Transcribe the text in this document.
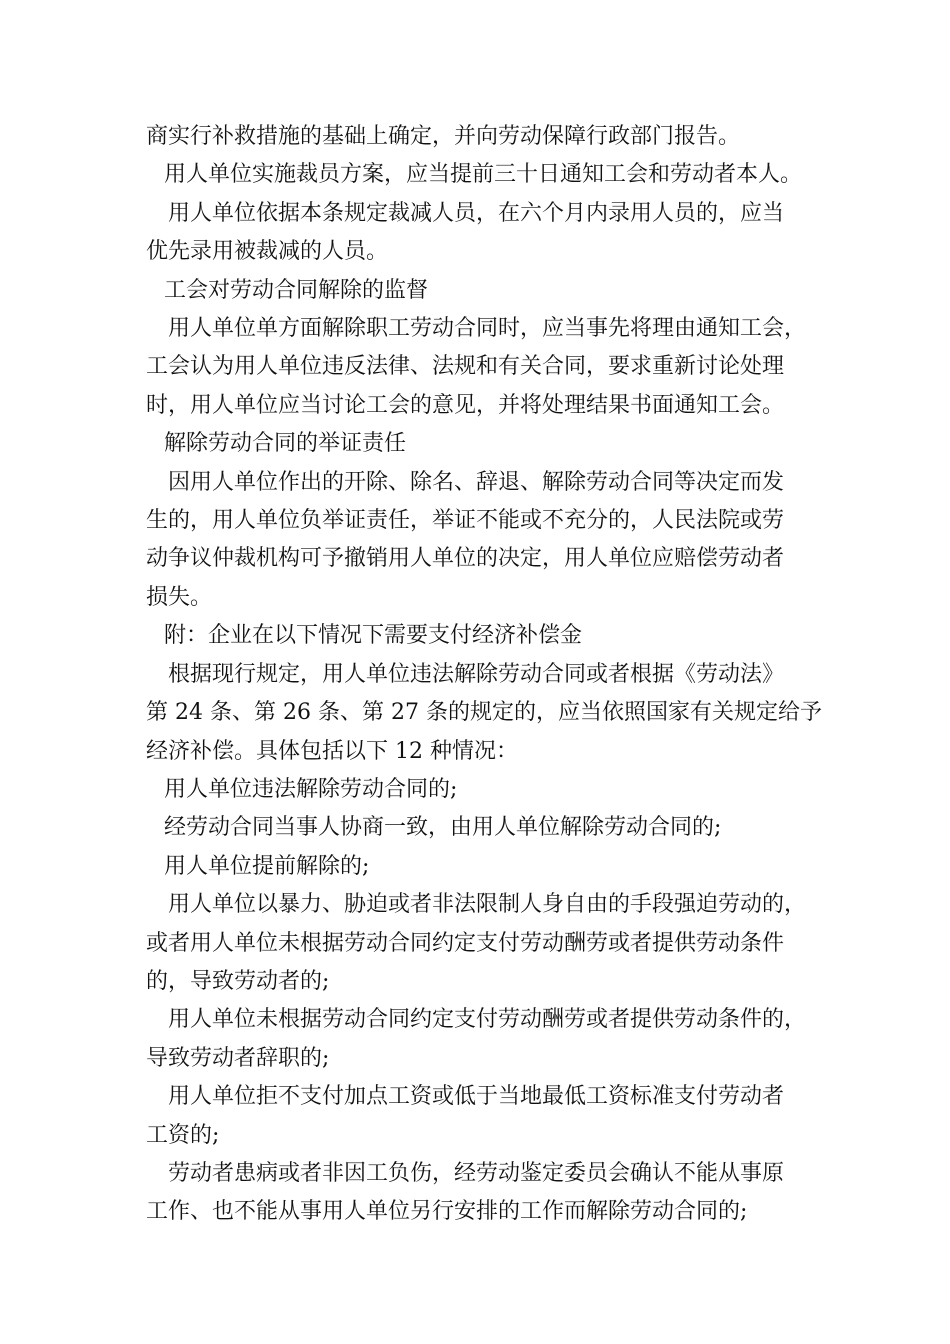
商实行补救措施的基础上确定，并向劳动保障行政部门报告。

用人单位实施裁员方案，应当提前三十日通知工会和劳动者本人。

用人单位依据本条规定裁减人员，在六个月内录用人员的，应当
优先录用被裁减的人员。

工会对劳动合同解除的监督

用人单位单方面解除职工劳动合同时，应当事先将理由通知工会，
工会认为用人单位违反法律、法规和有关合同，要求重新讨论处理
时，用人单位应当讨论工会的意见，并将处理结果书面通知工会。

解除劳动合同的举证责任

因用人单位作出的开除、除名、辞退、解除劳动合同等决定而发
生的，用人单位负举证责任，举证不能或不充分的，人民法院或劳
动争议仲裁机构可予撤销用人单位的决定，用人单位应赔偿劳动者
损失。

附：企业在以下情况下需要支付经济补偿金

根据现行规定，用人单位违法解除劳动合同或者根据《劳动法》
第 24 条、第 26 条、第 27 条的规定的，应当依照国家有关规定给予
经济补偿。具体包括以下 12 种情况：

用人单位违法解除劳动合同的;

经劳动合同当事人协商一致，由用人单位解除劳动合同的;

用人单位提前解除的;

用人单位以暴力、胁迫或者非法限制人身自由的手段强迫劳动的，
或者用人单位未根据劳动合同约定支付劳动酬劳或者提供劳动条件
的，导致劳动者的;

用人单位未根据劳动合同约定支付劳动酬劳或者提供劳动条件的，
导致劳动者辞职的;

用人单位拒不支付加点工资或低于当地最低工资标准支付劳动者
工资的;

劳动者患病或者非因工负伤，经劳动鉴定委员会确认不能从事原
工作、也不能从事用人单位另行安排的工作而解除劳动合同的;
